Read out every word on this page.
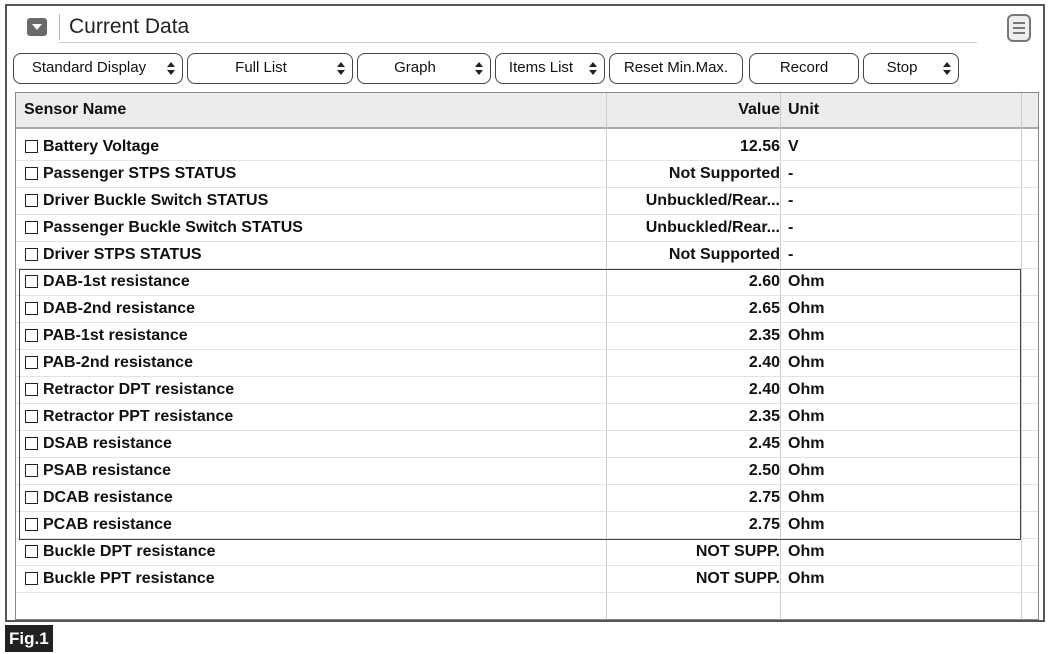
Current Data
Standard Display	Full List	Graph	Items List	Reset Min.Max.	Record	Stop
Sensor Name	Value Unit
Battery Voltage	12.56 V
Passenger STPS STATUS	Not Supported -
Driver Buckle Switch STATUS	Unbuckled/Rear... -
Passenger Buckle Switch STATUS	Unbuckled/Rear... -
Driver STPS STATUS	Not Supported -
DAB-1st resistance	2.60 Ohm
DAB-2nd resistance	2.65 Ohm
PAB-1st resistance	2.35 Ohm
PAB-2nd resistance	2.40 Ohm
Retractor DPT resistance	2.40 Ohm
Retractor PPT resistance	2.35 Ohm
DSAB resistance	2.45 Ohm
PSAB resistance	2.50 Ohm
DCAB resistance	2.75 Ohm
PCAB resistance	2.75 Ohm
Buckle DPT resistance	NOT SUPP. Ohm
Buckle PPT resistance	NOT SUPP. Ohm
Fig.1
